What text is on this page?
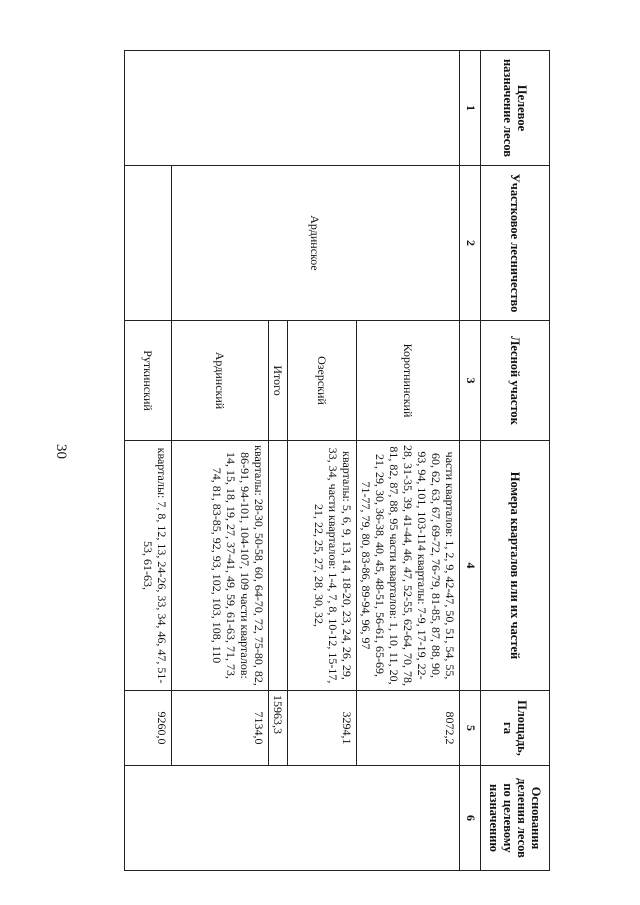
Целевое назначение лесов	Участковое лесничество	Лесной участок	Номера кварталов или их частей	Площадь, га	Основания деления лесов по целевому назначению
1	2	3	4	5	6
	Ардинское	Коротнинский	части кварталов: 1, 2, 9, 42-47, 50, 51, 54, 55, 60, 62, 63, 67, 69-72, 76-79, 81-85, 87, 88, 90, 93, 94, 101, 103-114 кварталы: 7-9, 17-19, 22-28, 31-35, 39, 41-44, 46, 47, 52-55, 62-64, 70, 78, 81, 82, 87, 88, 95 части кварталов: 1, 10, 11, 20, 21, 29, 30, 36-38, 40, 45, 48-51, 56-61, 65-69, 71-77, 79, 80, 83-86, 89-94, 96, 97	8072,2	
		Озерский	кварталы: 5, 6, 9, 13, 14, 18-20, 23, 24, 26, 29, 33, 34, части кварталов: 1-4, 7, 8, 10-12, 15-17, 21, 22, 25, 27, 28, 30, 32,	3294,1	
		Итого		15963,3	
		Ардинский	кварталы: 28-30, 50-58, 60, 64-70, 72, 75-80, 82, 86-91, 94-101, 104-107, 109 части кварталов: 14, 15, 18, 19, 27, 37-41, 49, 59, 61-63, 71, 73, 74, 81, 83-85, 92, 93, 102, 103, 108, 110	7134,0	
		Руткинский	кварталы: 7, 8, 12, 13, 24-26, 33, 34, 46, 47, 51-53, 61-63,	9260,0	
30
